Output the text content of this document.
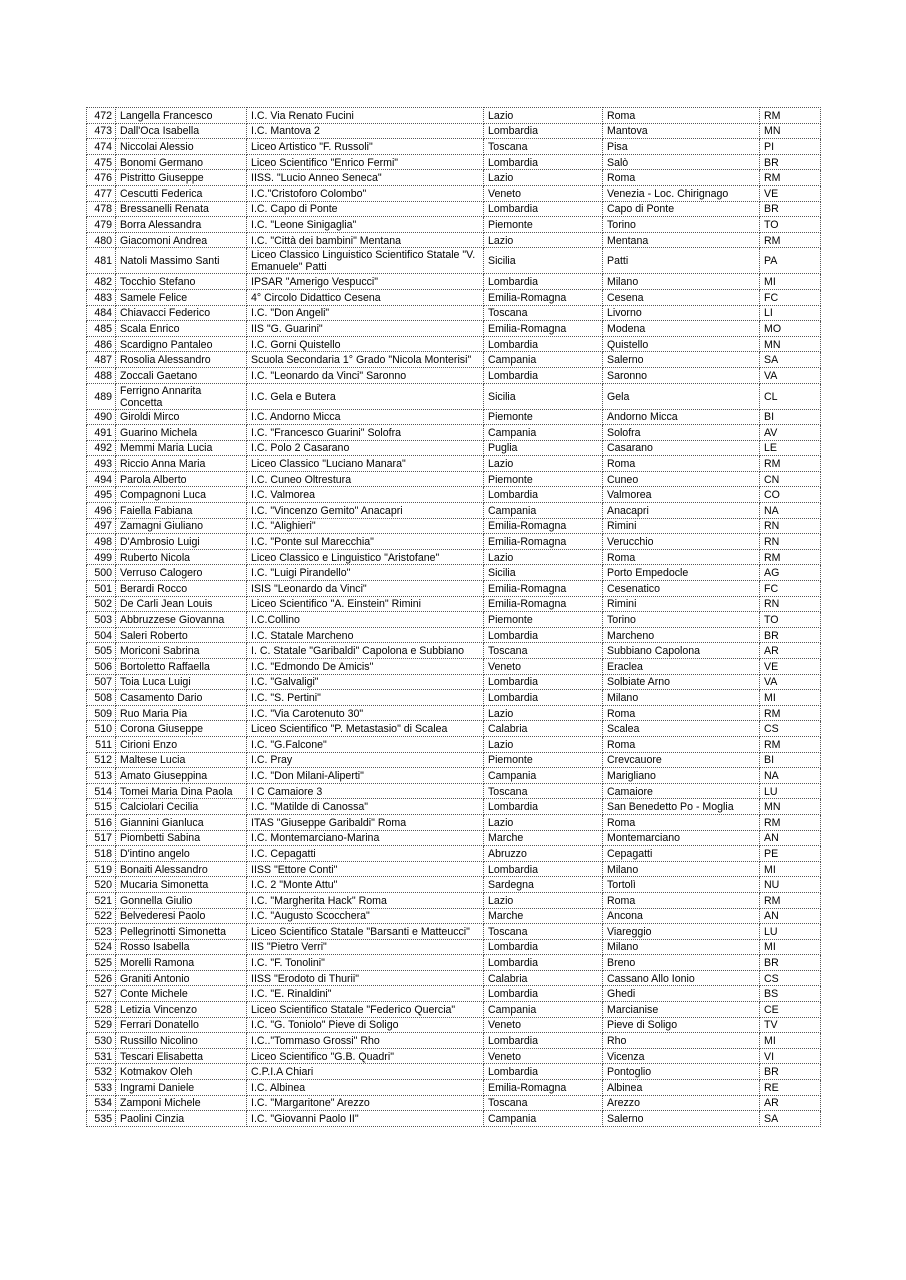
472	Langella Francesco	I.C. Via Renato Fucini	Lazio	Roma	RM
473	Dall'Oca Isabella	I.C. Mantova 2	Lombardia	Mantova	MN
474	Niccolai Alessio	Liceo Artistico "F. Russoli"	Toscana	Pisa	PI
475	Bonomi Germano	Liceo Scientifico "Enrico Fermi"	Lombardia	Salò	BR
476	Pistritto Giuseppe	IISS. "Lucio Anneo Seneca"	Lazio	Roma	RM
477	Cescutti Federica	I.C."Cristoforo Colombo"	Veneto	Venezia - Loc. Chirignago	VE
478	Bressanelli Renata	I.C. Capo di Ponte	Lombardia	Capo di Ponte	BR
479	Borra Alessandra	I.C. "Leone Sinigaglia"	Piemonte	Torino	TO
480	Giacomoni Andrea	I.C. "Città dei bambini" Mentana	Lazio	Mentana	RM
481	Natoli Massimo Santi	Liceo Classico Linguistico Scientifico Statale "V. Emanuele" Patti	Sicilia	Patti	PA
482	Tocchio Stefano	IPSAR "Amerigo Vespucci"	Lombardia	Milano	MI
483	Samele Felice	4° Circolo Didattico Cesena	Emilia-Romagna	Cesena	FC
484	Chiavacci Federico	I.C. "Don Angeli"	Toscana	Livorno	LI
485	Scala Enrico	IIS "G. Guarini"	Emilia-Romagna	Modena	MO
486	Scardigno Pantaleo	I.C. Gorni Quistello	Lombardia	Quistello	MN
487	Rosolia Alessandro	Scuola Secondaria 1° Grado "Nicola Monterisi"	Campania	Salerno	SA
488	Zoccali Gaetano	I.C. "Leonardo da Vinci" Saronno	Lombardia	Saronno	VA
489	Ferrigno Annarita Concetta	I.C. Gela e Butera	Sicilia	Gela	CL
490	Giroldi Mirco	I.C. Andorno Micca	Piemonte	Andorno Micca	BI
491	Guarino Michela	I.C. "Francesco Guarini" Solofra	Campania	Solofra	AV
492	Memmi Maria Lucia	I.C. Polo 2 Casarano	Puglia	Casarano	LE
493	Riccio Anna Maria	Liceo Classico "Luciano Manara"	Lazio	Roma	RM
494	Parola Alberto	I.C. Cuneo Oltrestura	Piemonte	Cuneo	CN
495	Compagnoni Luca	I.C. Valmorea	Lombardia	Valmorea	CO
496	Faiella Fabiana	I.C. "Vincenzo Gemito" Anacapri	Campania	Anacapri	NA
497	Zamagni Giuliano	I.C. "Alighieri"	Emilia-Romagna	Rimini	RN
498	D'Ambrosio Luigi	I.C. "Ponte sul Marecchia"	Emilia-Romagna	Verucchio	RN
499	Ruberto Nicola	Liceo Classico e Linguistico "Aristofane"	Lazio	Roma	RM
500	Verruso Calogero	I.C. "Luigi Pirandello"	Sicilia	Porto Empedocle	AG
501	Berardi Rocco	ISIS "Leonardo da Vinci"	Emilia-Romagna	Cesenatico	FC
502	De Carli Jean Louis	Liceo Scientifico "A. Einstein" Rimini	Emilia-Romagna	Rimini	RN
503	Abbruzzese Giovanna	I.C.Collino	Piemonte	Torino	TO
504	Saleri Roberto	I.C. Statale Marcheno	Lombardia	Marcheno	BR
505	Moriconi Sabrina	I. C. Statale "Garibaldi" Capolona e Subbiano	Toscana	Subbiano Capolona	AR
506	Bortoletto Raffaella	I.C. "Edmondo De Amicis"	Veneto	Eraclea	VE
507	Toia Luca Luigi	I.C. "Galvaligi"	Lombardia	Solbiate Arno	VA
508	Casamento Dario	I.C. "S. Pertini"	Lombardia	Milano	MI
509	Ruo Maria Pia	I.C. "Via Carotenuto 30"	Lazio	Roma	RM
510	Corona Giuseppe	Liceo Scientifico "P. Metastasio" di Scalea	Calabria	Scalea	CS
511	Cirioni Enzo	I.C. "G.Falcone"	Lazio	Roma	RM
512	Maltese Lucia	I.C. Pray	Piemonte	Crevcauore	BI
513	Amato Giuseppina	I.C. "Don Milani-Aliperti"	Campania	Marigliano	NA
514	Tomei Maria Dina Paola	I C Camaiore 3	Toscana	Camaiore	LU
515	Calciolari Cecilia	I.C. "Matilde di Canossa"	Lombardia	San Benedetto Po - Moglia	MN
516	Giannini Gianluca	ITAS "Giuseppe Garibaldi" Roma	Lazio	Roma	RM
517	Piombetti Sabina	I.C. Montemarciano-Marina	Marche	Montemarciano	AN
518	D'intino angelo	I.C. Cepagatti	Abruzzo	Cepagatti	PE
519	Bonaiti Alessandro	IISS "Ettore Conti"	Lombardia	Milano	MI
520	Mucaria Simonetta	I.C. 2 "Monte Attu"	Sardegna	Tortolì	NU
521	Gonnella Giulio	I.C. "Margherita Hack" Roma	Lazio	Roma	RM
522	Belvederesi Paolo	I.C. "Augusto Scocchera"	Marche	Ancona	AN
523	Pellegrinotti Simonetta	Liceo Scientifico Statale "Barsanti e Matteucci"	Toscana	Viareggio	LU
524	Rosso Isabella	IIS "Pietro Verri"	Lombardia	Milano	MI
525	Morelli Ramona	I.C. "F. Tonolini"	Lombardia	Breno	BR
526	Graniti Antonio	IISS "Erodoto di Thurii"	Calabria	Cassano Allo Ionio	CS
527	Conte Michele	I.C. "E. Rinaldini"	Lombardia	Ghedi	BS
528	Letizia Vincenzo	Liceo Scientifico Statale "Federico Quercia"	Campania	Marcianise	CE
529	Ferrari Donatello	I.C. "G. Toniolo" Pieve di Soligo	Veneto	Pieve di Soligo	TV
530	Russillo Nicolino	I.C.."Tommaso Grossi" Rho	Lombardia	Rho	MI
531	Tescari Elisabetta	Liceo Scientifico "G.B. Quadri"	Veneto	Vicenza	VI
532	Kotmakov Oleh	C.P.I.A Chiari	Lombardia	Pontoglio	BR
533	Ingrami Daniele	I.C. Albinea	Emilia-Romagna	Albinea	RE
534	Zamponi Michele	I.C. "Margaritone" Arezzo	Toscana	Arezzo	AR
535	Paolini Cinzia	I.C. "Giovanni Paolo II"	Campania	Salerno	SA
